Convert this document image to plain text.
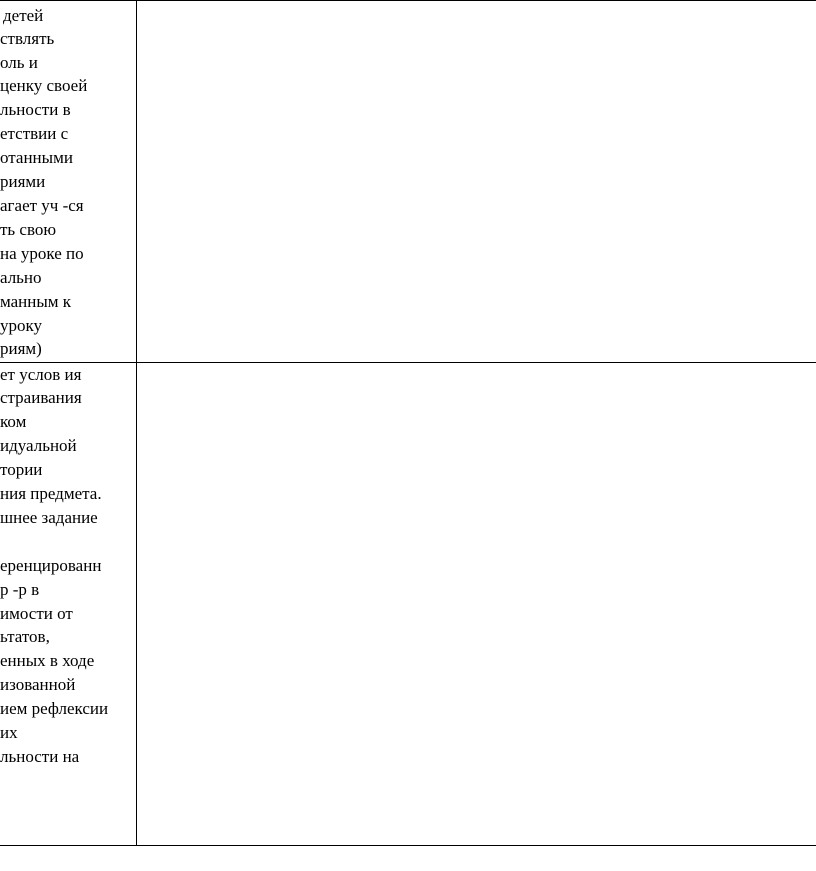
детей
ствлять
оль и
ценку своей
льности в
етствии с
отанными
риями
агает уч -ся
ть свою
на уроке по
ально
манным к
уроку
риям)
ет услов ия
страивания
ком
идуальной
тории
ния предмета.
шнее задание
еренцированн
р -р в
имости от
ьтатов,
енных в ходе
изованной
ием рефлексии
их
льности на
